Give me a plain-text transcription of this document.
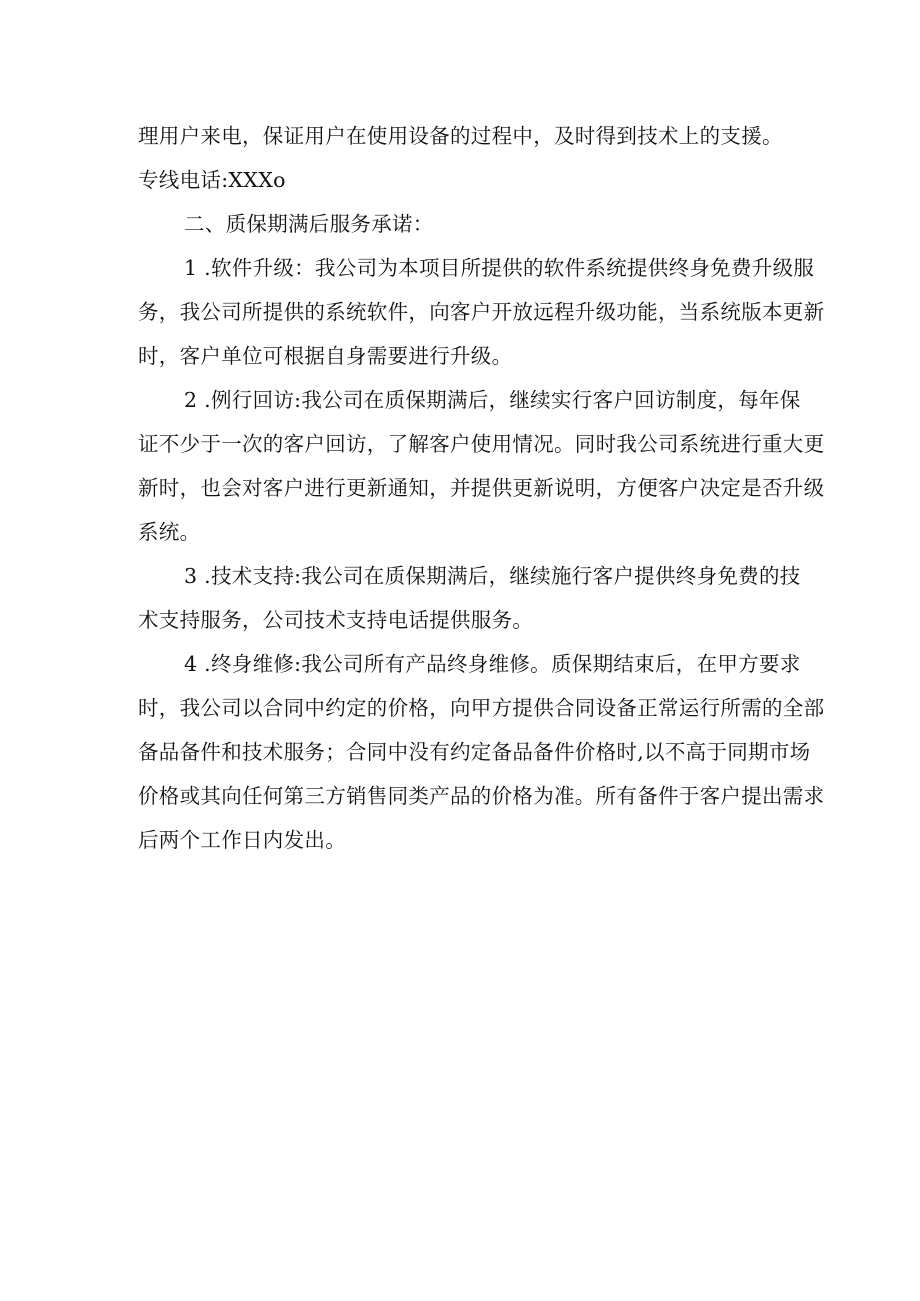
理用户来电，保证用户在使用设备的过程中，及时得到技术上的支援。

专线电话:XXXo

二、质保期满后服务承诺：

1 .软件升级：我公司为本项目所提供的软件系统提供终身免费升级服
务，我公司所提供的系统软件，向客户开放远程升级功能，当系统版本更新
时，客户单位可根据自身需要进行升级。

2 .例行回访:我公司在质保期满后，继续实行客户回访制度，每年保
证不少于一次的客户回访，了解客户使用情况。同时我公司系统进行重大更
新时，也会对客户进行更新通知，并提供更新说明，方便客户决定是否升级
系统。

3 .技术支持:我公司在质保期满后，继续施行客户提供终身免费的技
术支持服务，公司技术支持电话提供服务。

4 .终身维修:我公司所有产品终身维修。质保期结束后，在甲方要求
时，我公司以合同中约定的价格，向甲方提供合同设备正常运行所需的全部
备品备件和技术服务；合同中没有约定备品备件价格时,以不高于同期市场
价格或其向任何第三方销售同类产品的价格为准。所有备件于客户提出需求
后两个工作日内发出。
